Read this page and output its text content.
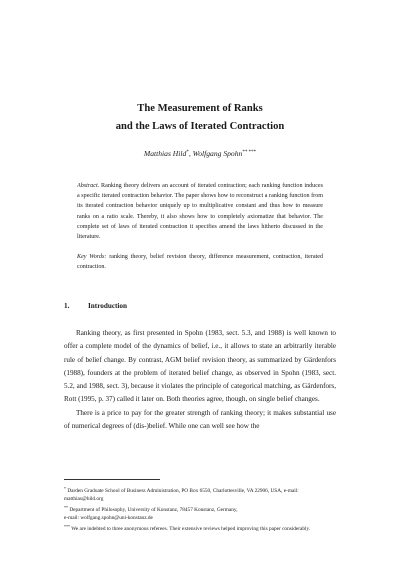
The Measurement of Ranks
and the Laws of Iterated Contraction
Matthias Hild*, Wolfgang Spohn** ***
Abstract. Ranking theory delivers an account of iterated contraction; each ranking function induces a specific iterated contraction behavior. The paper shows how to reconstruct a ranking function from its iterated contraction behavior uniquely up to multiplicative constant and thus how to measure ranks on a ratio scale. Thereby, it also shows how to completely axiomatize that behavior. The complete set of laws of iterated contraction it specifies amend the laws hitherto discussed in the literature.
Key Words: ranking theory, belief revision theory, difference measurement, contraction, iterated contraction.
1.	Introduction

Ranking theory, as first presented in Spohn (1983, sect. 5.3, and 1988) is well known to offer a complete model of the dynamics of belief, i.e., it allows to state an arbitrarily iterable rule of belief change. By contrast, AGM belief revision theory, as summarized by Gärdenfors (1988), founders at the problem of iterated belief change, as observed in Spohn (1983, sect. 5.2, and 1988, sect. 3), because it violates the principle of categorical matching, as Gärdenfors, Rott (1995, p. 37) called it later on. Both theories agree, though, on single belief changes.

There is a price to pay for the greater strength of ranking theory; it makes substantial use of numerical degrees of (dis-)belief. While one can well see how the

* Darden Graduate School of Business Administration, PO Box 6550, Charlottesville, VA 22906, USA, e-mail: matthias@hild.org

** Department of Philosophy, University of Konstanz, 78457 Konstanz, Germany,
e-mail: wolfgang.spohn@uni-konstanz.de

*** We are indebted to three anonymous referees. Their extensive reviews helped improving this paper considerably.
